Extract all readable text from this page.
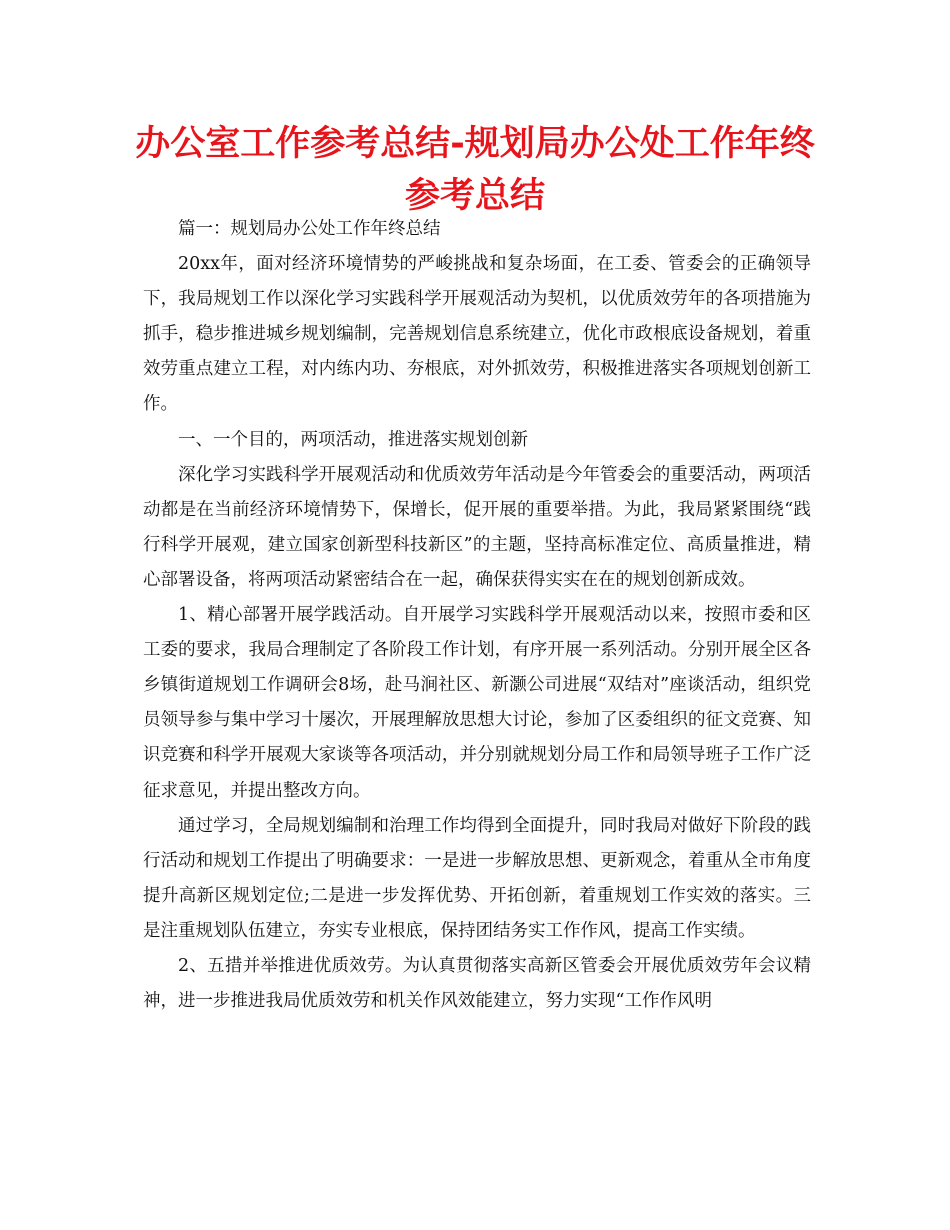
办公室工作参考总结-规划局办公处工作年终参考总结

篇一：规划局办公处工作年终总结

20xx年，面对经济环境情势的严峻挑战和复杂场面，在工委、管委会的正确领导下，我局规划工作以深化学习实践科学开展观活动为契机，以优质效劳年的各项措施为抓手，稳步推进城乡规划编制，完善规划信息系统建立，优化市政根底设备规划，着重效劳重点建立工程，对内练内功、夯根底，对外抓效劳，积极推进落实各项规划创新工作。

一、一个目的，两项活动，推进落实规划创新

深化学习实践科学开展观活动和优质效劳年活动是今年管委会的重要活动，两项活动都是在当前经济环境情势下，保增长，促开展的重要举措。为此，我局紧紧围绕“践行科学开展观，建立国家创新型科技新区”的主题，坚持高标准定位、高质量推进，精心部署设备，将两项活动紧密结合在一起，确保获得实实在在的规划创新成效。

1、精心部署开展学践活动。自开展学习实践科学开展观活动以来，按照市委和区工委的要求，我局合理制定了各阶段工作计划，有序开展一系列活动。分别开展全区各乡镇街道规划工作调研会8场，赴马涧社区、新灏公司进展“双结对”座谈活动，组织党员领导参与集中学习十屡次，开展理解放思想大讨论，参加了区委组织的征文竞赛、知识竞赛和科学开展观大家谈等各项活动，并分别就规划分局工作和局领导班子工作广泛征求意见，并提出整改方向。

通过学习，全局规划编制和治理工作均得到全面提升，同时我局对做好下阶段的践行活动和规划工作提出了明确要求：一是进一步解放思想、更新观念，着重从全市角度提升高新区规划定位;二是进一步发挥优势、开拓创新，着重规划工作实效的落实。三是注重规划队伍建立，夯实专业根底，保持团结务实工作作风，提高工作实绩。

2、五措并举推进优质效劳。为认真贯彻落实高新区管委会开展优质效劳年会议精神，进一步推进我局优质效劳和机关作风效能建立，努力实现“工作作风明
